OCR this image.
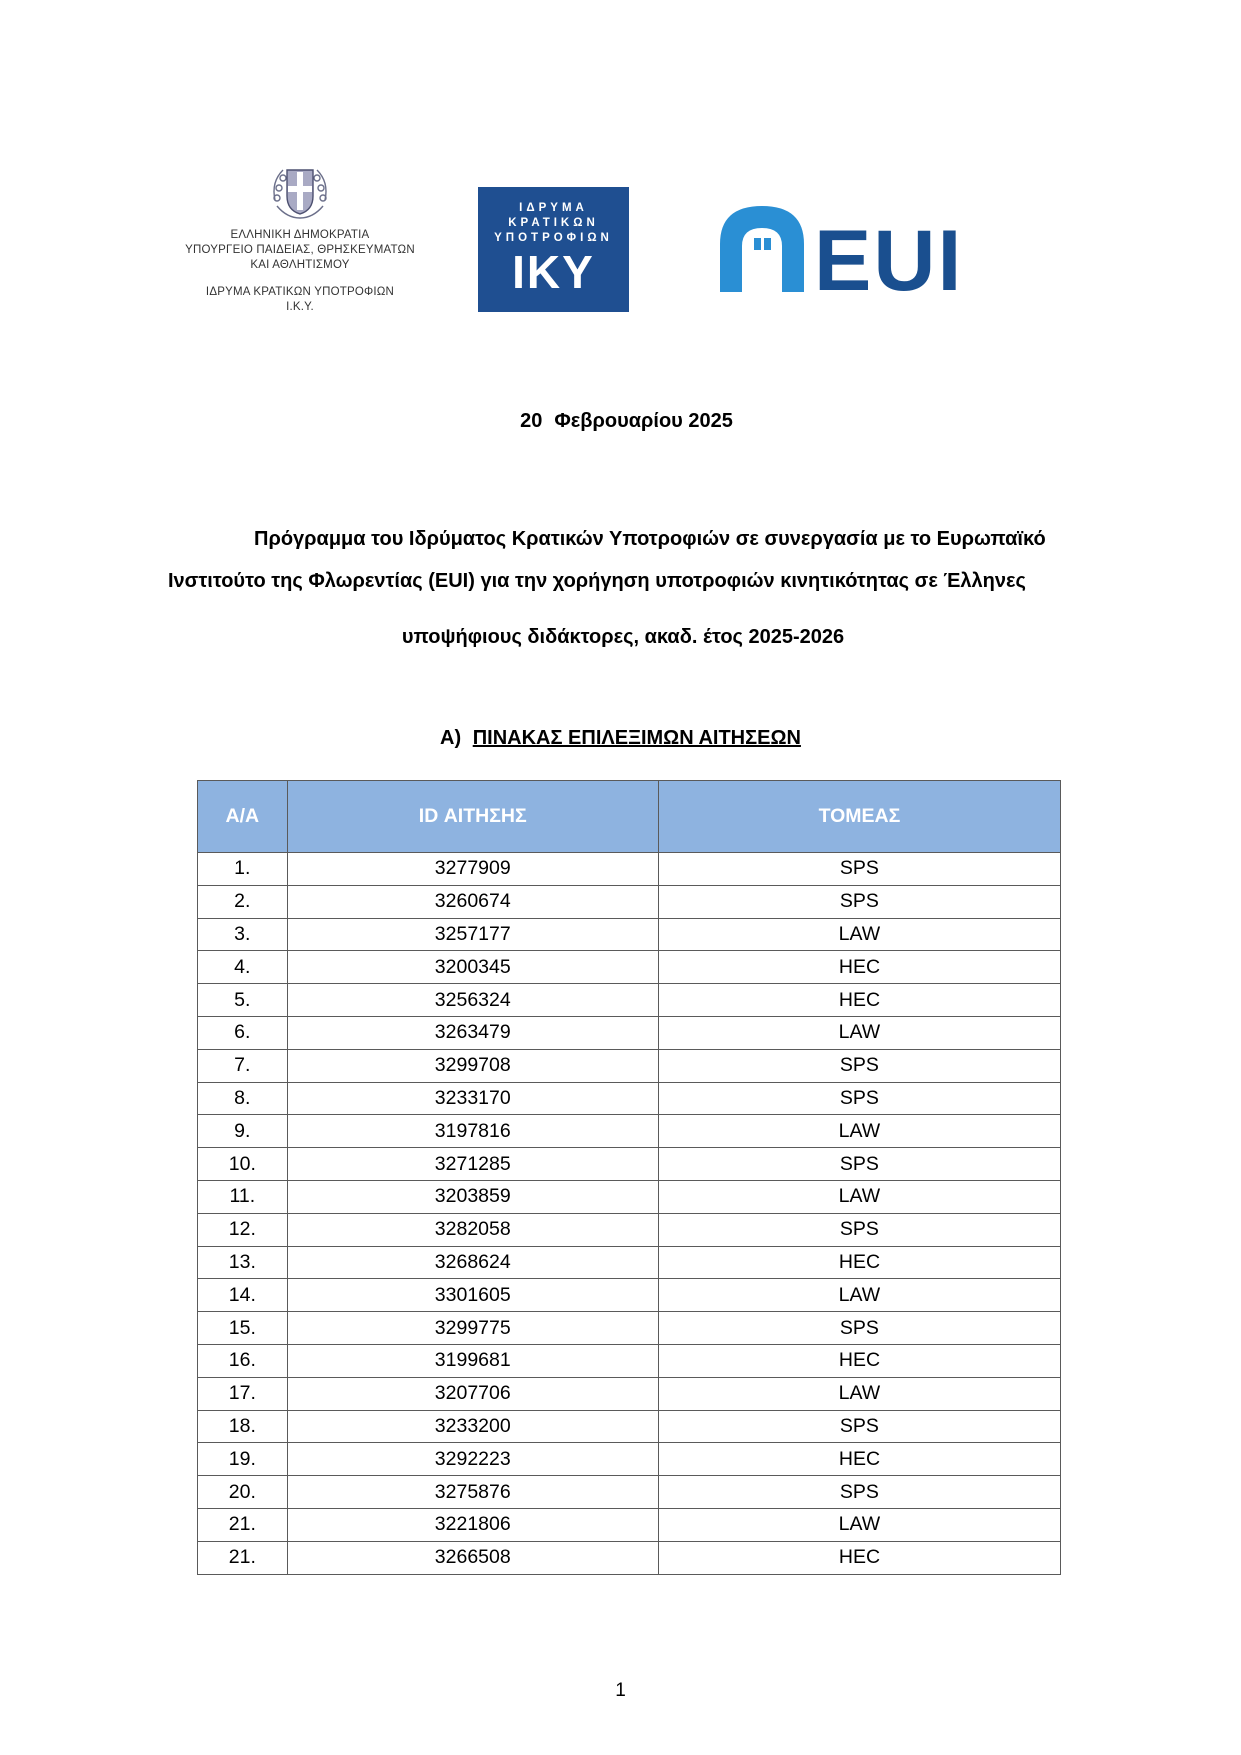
ΕΛΛΗΝΙΚΗ ΔΗΜΟΚΡΑΤΙΑ
ΥΠΟΥΡΓΕΙΟ ΠΑΙΔΕΙΑΣ, ΘΡΗΣΚΕΥΜΑΤΩΝ
ΚΑΙ ΑΘΛΗΤΙΣΜΟΥ
ΙΔΡΥΜΑ ΚΡΑΤΙΚΩΝ ΥΠΟΤΡΟΦΙΩΝ
Ι.Κ.Υ.
ΙΔΡΥΜΑ
ΚΡΑΤΙΚΩΝ
ΥΠΟΤΡΟΦΙΩΝ
ΙΚΥ	EUI
20 Φεβρουαρίου 2025
Πρόγραμμα του Ιδρύματος Κρατικών Υποτροφιών σε συνεργασία με το Ευρωπαϊκό
Ινστιτούτο της Φλωρεντίας (EUI) για την χορήγηση υποτροφιών κινητικότητας σε Έλληνες
υποψήφιους διδάκτορες, ακαδ. έτος 2025-2026
Α) ΠΙΝΑΚΑΣ ΕΠΙΛΕΞΙΜΩΝ ΑΙΤΗΣΕΩΝ
Α/Α	ID ΑΙΤΗΣΗΣ	ΤΟΜΕΑΣ
1.	3277909	SPS
2.	3260674	SPS
3.	3257177	LAW
4.	3200345	HEC
5.	3256324	HEC
6.	3263479	LAW
7.	3299708	SPS
8.	3233170	SPS
9.	3197816	LAW
10.	3271285	SPS
11.	3203859	LAW
12.	3282058	SPS
13.	3268624	HEC
14.	3301605	LAW
15.	3299775	SPS
16.	3199681	HEC
17.	3207706	LAW
18.	3233200	SPS
19.	3292223	HEC
20.	3275876	SPS
21.	3221806	LAW
21.	3266508	HEC
1
